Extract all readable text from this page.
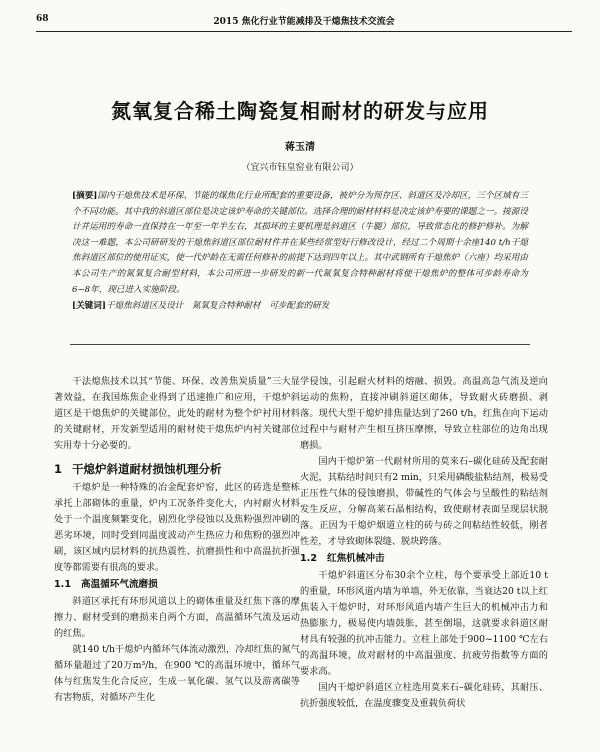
68	2015 焦化行业节能减排及干熄焦技术交流会
氮氧复合稀土陶瓷复相耐材的研发与应用
蒋玉清
（宜兴市钰皇窑业有限公司）
[摘要]国内干熄焦技术是环保、节能的煤焦化行业所配套的重要设备，被炉分为预存区、斜道区及冷却区，三个区域有三个不同功能。其中我的斜道区部位是决定该炉寿命的关键部位。选择合理的耐材材料是决定该炉寿要的课题之一。接源设计并运用的寿命一直保持在一年至一年半左右，其损坏的主要机理是斜道区（牛腿）部位，导致常态化的修护修补。为解决这一难题，本公司研研发的干熄焦斜道区部位耐材件并在某些经常型好行修改设计，经过二个周期十余座140 t/h干熄焦斜道区部位的使用证实，使一代炉龄在无需任何修补的前提下达到四年以上。其中武钢所有干熄焦炉（六座）均采用由本公司生产的氮氧复合耐型材料，本公司所进一步研发的新一代氮氧复合特种耐材将使干熄焦炉的整体可步龄寿命为6~8年，现已进入实施阶段。
[关键词]干熄焦斜道区及设计　氮氧复合特种耐材　可步配套的研发

干法熄焦技术以其“节能、环保、改善焦炭质量”三大显著效益，在我国炼焦企业得到了迅速推广和应用，干熄炉斜道区是干熄焦炉的关键部位，此处的耐材为整个炉衬用材料的关键耐材，开发新型适用的耐材使干熄焦炉内衬关键部位实用寿十分必要的。

1 干熄炉斜道耐材损蚀机理分析

干熄炉是一种特殊的冶金配套炉窑，此区的砖选是整栋承托上部砌体的重量，炉内工况条件变化大，内衬耐火材料处于一个温度频繁变化，剧烈化学侵蚀以及焦粉强烈冲刷的恶劣环境，同时受到同温度波动产生热应力和焦粉的强烈冲刷，该区域内层材料的抗热震性、抗磨损性和中高温抗折强度等都需要有很高的要求。

1.1 高温循环气流磨损

斜道区承托有环形风道以上的砌体重量及红焦下落的摩擦力、耐材受到的磨损来自两个方面，高温循环气流及运动的红焦。

就140 t/h干熄炉内循环气体流动激烈，冷却红焦的氮气循环量超过了20万m³/h，在900 ℃的高温环境中，循环气体与红焦发生化合反应，生成一氧化碳、氢气以及游离碳等有害物质，对循环产生化

学侵蚀，引起耐火材料的熔融、损毁。高温高急气流及逆向运动的焦粉，直接冲刷斜道区砌体，导致耐火砖磨损、剥落。现代大型干熄炉排焦量达到了260 t/h，红焦在向下运动过程中与耐材产生相互挤压摩擦，导致立柱部位的边角出现磨损。

国内干熄炉第一代耐材所用的莫来石–碳化硅砖及配套耐火泥，其粘结时间只有2 min，只采用磷酸盐粘结剂，极易受正压性气体的侵蚀磨损，带碱性的气体会与呈酸性的粘结剂发生反应，分解高莱石晶相结构，致使耐材表面呈现层状脱落。正因为干熄炉烟道立柱的砖与砖之间粘结性较低，刚者性差，才导致砌体裂缝、脱块跨落。

1.2 红焦机械冲击

干熄炉斜道区分布30余个立柱，每个要承受上部近10 t的重量，环形风道内墙为单墙，外无依靠，当衰达20 t以上红焦装入干熄炉时，对环形风道内墙产生巨大的机械冲击力和热膨胀力，极易使内墙鼓胀，甚至倒塌，这就要求斜道区耐材具有较强的抗冲击能力。立柱上部处于900~1100 ℃左右的高温环境，故对耐材的中高温强度、抗疲劳指数等方面的要求高。

国内干熄炉斜道区立柱选用莫来石–碳化硅砖，其耐压、抗折强度较低，在温度骤变及重载负荷状
